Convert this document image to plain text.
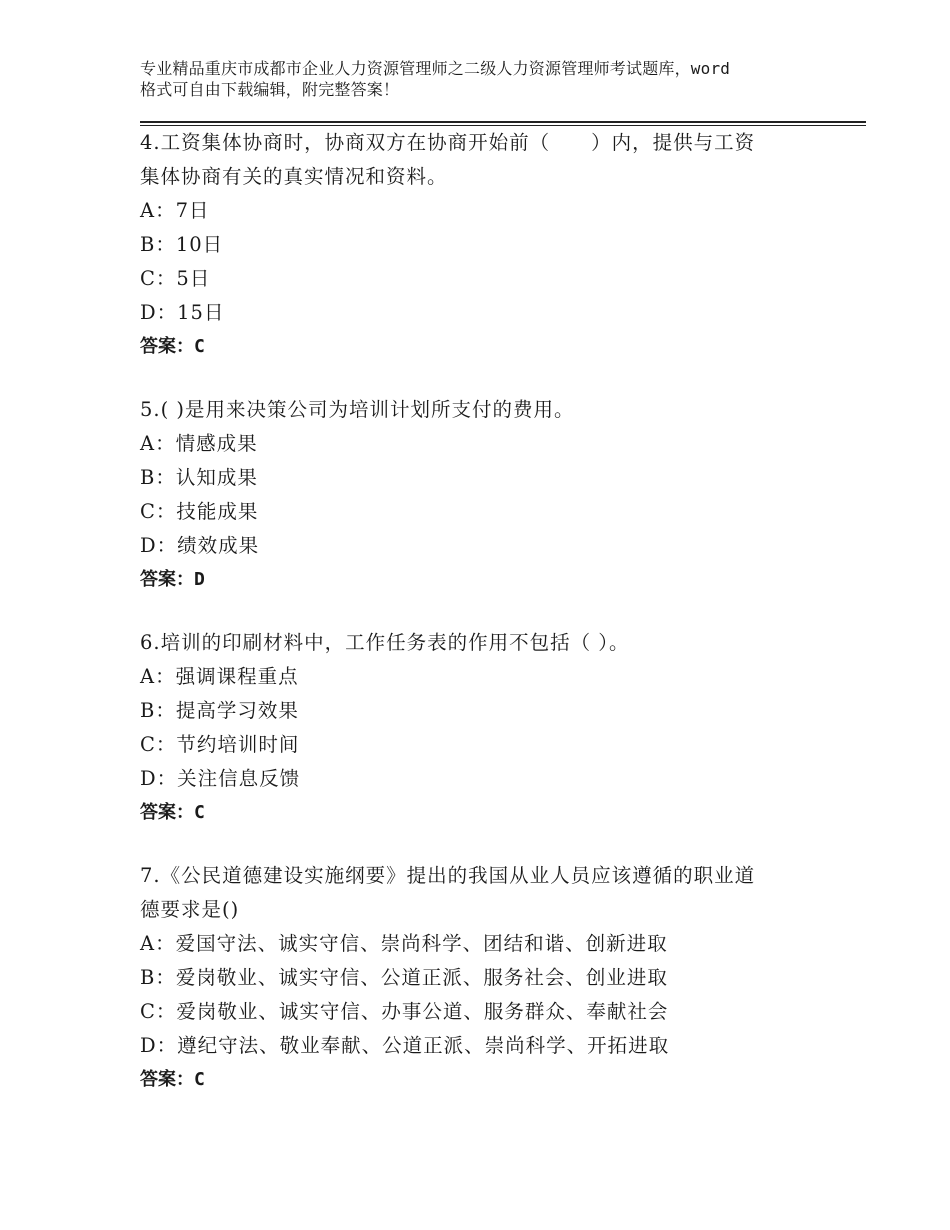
专业精品重庆市成都市企业人力资源管理师之二级人力资源管理师考试题库，word
格式可自由下载编辑，附完整答案！

4.工资集体协商时，协商双方在协商开始前（　　）内，提供与工资
集体协商有关的真实情况和资料。

A：7日
B：10日
C：5日
D：15日
答案：C

5.( )是用来决策公司为培训计划所支付的费用。

A：情感成果
B：认知成果
C：技能成果
D：绩效成果
答案：D

6.培训的印刷材料中，工作任务表的作用不包括（ ）。

A：强调课程重点
B：提高学习效果
C：节约培训时间
D：关注信息反馈
答案：C

7.《公民道德建设实施纲要》提出的我国从业人员应该遵循的职业道
德要求是()

A：爱国守法、诚实守信、崇尚科学、团结和谐、创新进取
B：爱岗敬业、诚实守信、公道正派、服务社会、创业进取
C：爱岗敬业、诚实守信、办事公道、服务群众、奉献社会
D：遵纪守法、敬业奉献、公道正派、崇尚科学、开拓进取
答案：C
